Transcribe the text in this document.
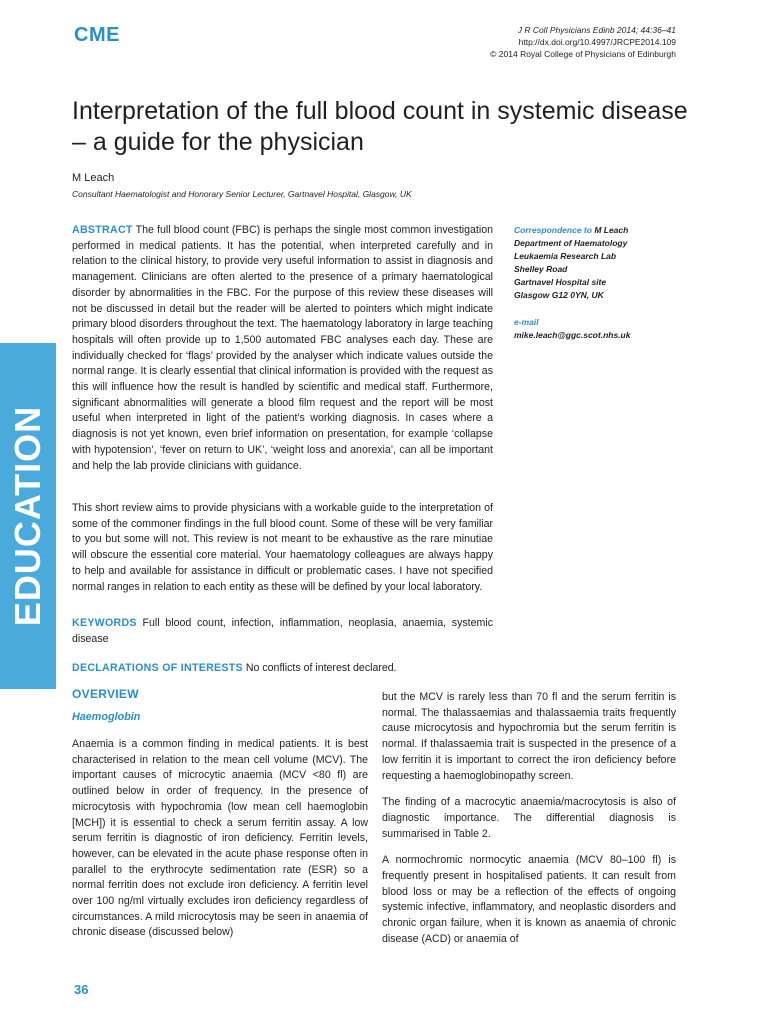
CME	J R Coll Physicians Edinb 2014; 44:36–41
http://dx.doi.org/10.4997/JRCPE2014.109
© 2014 Royal College of Physicians of Edinburgh
Interpretation of the full blood count in systemic disease – a guide for the physician
M Leach
Consultant Haematologist and Honorary Senior Lecturer, Gartnavel Hospital, Glasgow, UK

ABSTRACT The full blood count (FBC) is perhaps the single most common investigation performed in medical patients. It has the potential, when interpreted carefully and in relation to the clinical history, to provide very useful information to assist in diagnosis and management. Clinicians are often alerted to the presence of a primary haematological disorder by abnormalities in the FBC. For the purpose of this review these diseases will not be discussed in detail but the reader will be alerted to pointers which might indicate primary blood disorders throughout the text. The haematology laboratory in large teaching hospitals will often provide up to 1,500 automated FBC analyses each day. These are individually checked for ‘flags’ provided by the analyser which indicate values outside the normal range. It is clearly essential that clinical information is provided with the request as this will influence how the result is handled by scientific and medical staff. Furthermore, significant abnormalities will generate a blood film request and the report will be most useful when interpreted in light of the patient’s working diagnosis. In cases where a diagnosis is not yet known, even brief information on presentation, for example ‘collapse with hypotension’, ‘fever on return to UK’, ‘weight loss and anorexia’, can all be important and help the lab provide clinicians with guidance.

This short review aims to provide physicians with a workable guide to the interpretation of some of the commoner findings in the full blood count. Some of these will be very familiar to you but some will not. This review is not meant to be exhaustive as the rare minutiae will obscure the essential core material. Your haematology colleagues are always happy to help and available for assistance in difficult or problematic cases. I have not specified normal ranges in relation to each entity as these will be defined by your local laboratory.

KEYWORDS Full blood count, infection, inflammation, neoplasia, anaemia, systemic disease

DECLARATIONS OF INTERESTS No conflicts of interest declared.

Correspondence to M Leach
Department of Haematology
Leukaemia Research Lab
Shelley Road
Gartnavel Hospital site
Glasgow G12 0YN, UK
e-mail
mike.leach@ggc.scot.nhs.uk
EDUCATION
OVERVIEW
Haemoglobin

Anaemia is a common finding in medical patients. It is best characterised in relation to the mean cell volume (MCV). The important causes of microcytic anaemia (MCV <80 fl) are outlined below in order of frequency. In the presence of microcytosis with hypochromia (low mean cell haemoglobin [MCH]) it is essential to check a serum ferritin assay. A low serum ferritin is diagnostic of iron deficiency. Ferritin levels, however, can be elevated in the acute phase response often in parallel to the erythrocyte sedimentation rate (ESR) so a normal ferritin does not exclude iron deficiency. A ferritin level over 100 ng/ml virtually excludes iron deficiency regardless of circumstances. A mild microcytosis may be seen in anaemia of chronic disease (discussed below)

but the MCV is rarely less than 70 fl and the serum ferritin is normal. The thalassaemias and thalassaemia traits frequently cause microcytosis and hypochromia but the serum ferritin is normal. If thalassaemia trait is suspected in the presence of a low ferritin it is important to correct the iron deficiency before requesting a haemoglobinopathy screen.

The finding of a macrocytic anaemia/macrocytosis is also of diagnostic importance. The differential diagnosis is summarised in Table 2.

A normochromic normocytic anaemia (MCV 80–100 fl) is frequently present in hospitalised patients. It can result from blood loss or may be a reflection of the effects of ongoing systemic infective, inflammatory, and neoplastic disorders and chronic organ failure, when it is known as anaemia of chronic disease (ACD) or anaemia of

36
